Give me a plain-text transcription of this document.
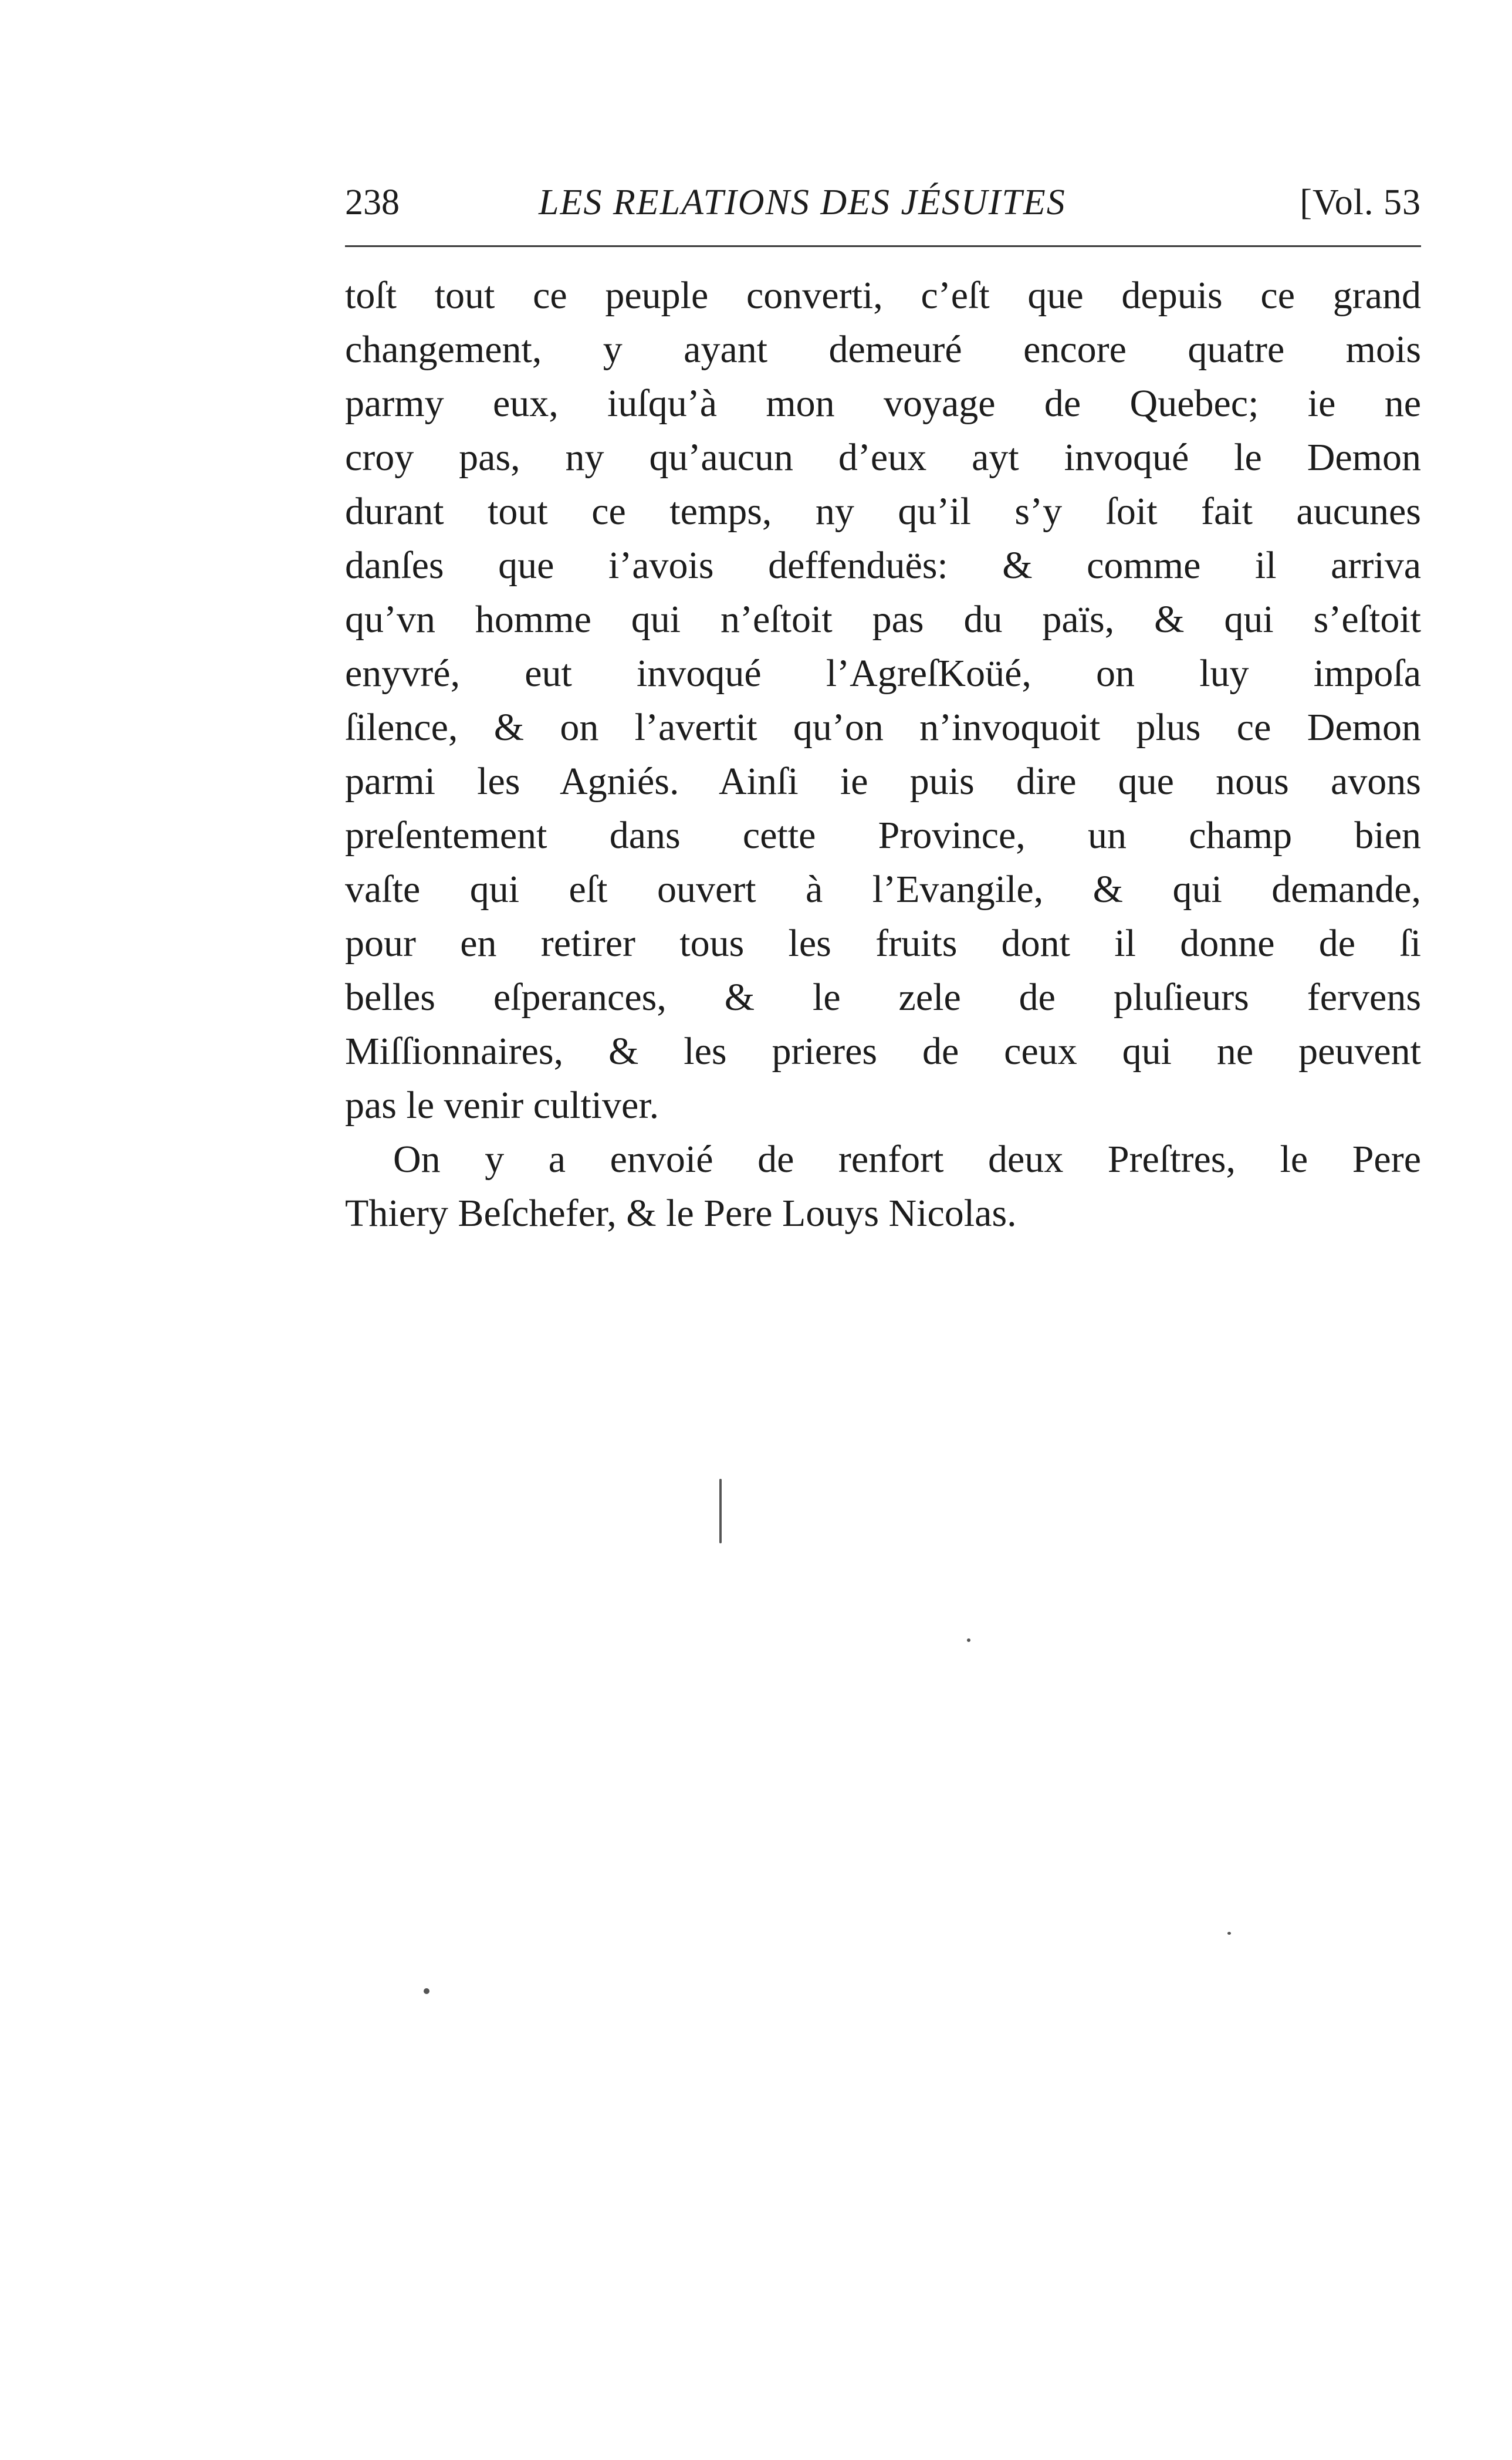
238	LES RELATIONS DES JÉSUITES	[Vol. 53
toſt tout ce peuple converti, c’eſt que depuis ce grand
changement, y ayant demeuré encore quatre mois
parmy eux, iuſqu’à mon voyage de Quebec; ie ne
croy pas, ny qu’aucun d’eux ayt invoqué le Demon
durant tout ce temps, ny qu’il s’y ſoit fait aucunes
danſes que i’avois deffenduës: & comme il arriva
qu’vn homme qui n’eſtoit pas du païs, & qui s’eſtoit
enyvré, eut invoqué l’AgreſKoüé, on luy impoſa
ſilence, & on l’avertit qu’on n’invoquoit plus ce Demon
parmi les Agniés. Ainſi ie puis dire que nous avons
preſentement dans cette Province, un champ bien
vaſte qui eſt ouvert à l’Evangile, & qui demande,
pour en retirer tous les fruits dont il donne de ſi
belles eſperances, & le zele de pluſieurs fervens
Miſſionnaires, & les prieres de ceux qui ne peuvent
pas le venir cultiver.
On y a envoié de renfort deux Preſtres, le Pere
Thiery Beſchefer, & le Pere Louys Nicolas.
